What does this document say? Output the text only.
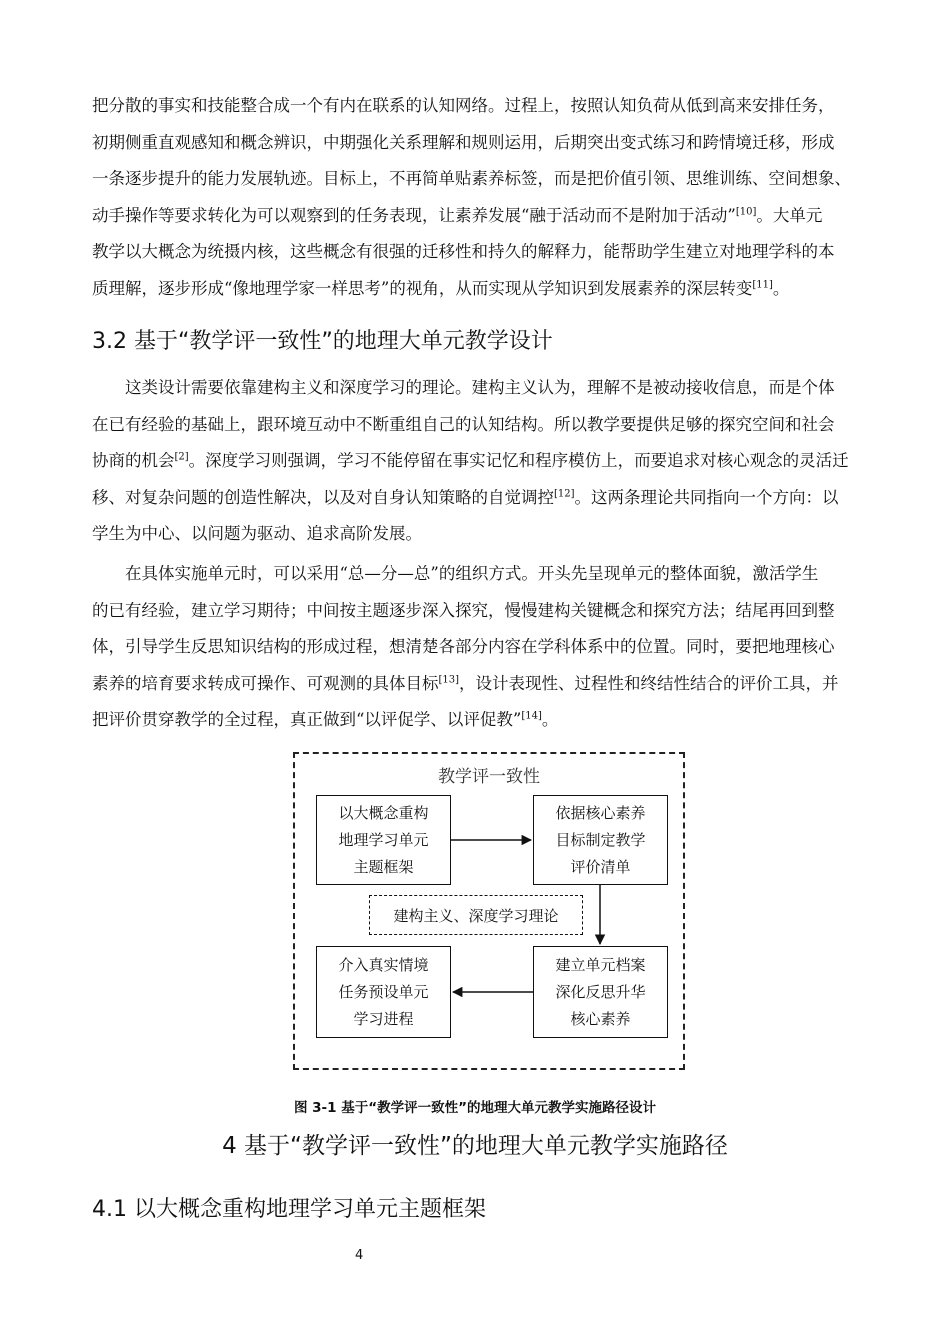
把分散的事实和技能整合成一个有内在联系的认知网络。过程上，按照认知负荷从低到高来安排任务，
初期侧重直观感知和概念辨识，中期强化关系理解和规则运用，后期突出变式练习和跨情境迁移，形成
一条逐步提升的能力发展轨迹。目标上，不再简单贴素养标签，而是把价值引领、思维训练、空间想象、
动手操作等要求转化为可以观察到的任务表现，让素养发展“融于活动而不是附加于活动”[10]。大单元
教学以大概念为统摄内核，这些概念有很强的迁移性和持久的解释力，能帮助学生建立对地理学科的本
质理解，逐步形成“像地理学家一样思考”的视角，从而实现从学知识到发展素养的深层转变[11]。

3.2 基于“教学评一致性”的地理大单元教学设计

这类设计需要依靠建构主义和深度学习的理论。建构主义认为，理解不是被动接收信息，而是个体
在已有经验的基础上，跟环境互动中不断重组自己的认知结构。所以教学要提供足够的探究空间和社会
协商的机会[2]。深度学习则强调，学习不能停留在事实记忆和程序模仿上，而要追求对核心观念的灵活迁
移、对复杂问题的创造性解决，以及对自身认知策略的自觉调控[12]。这两条理论共同指向一个方向：以
学生为中心、以问题为驱动、追求高阶发展。

在具体实施单元时，可以采用“总—分—总”的组织方式。开头先呈现单元的整体面貌，激活学生
的已有经验，建立学习期待；中间按主题逐步深入探究，慢慢建构关键概念和探究方法；结尾再回到整
体，引导学生反思知识结构的形成过程，想清楚各部分内容在学科体系中的位置。同时，要把地理核心
素养的培育要求转成可操作、可观测的具体目标[13]，设计表现性、过程性和终结性结合的评价工具，并
把评价贯穿教学的全过程，真正做到“以评促学、以评促教”[14]。

教学评一致性
以大概念重构
地理学习单元
主题框架
依据核心素养
目标制定教学
评价清单
建构主义、深度学习理论
介入真实情境
任务预设单元
学习进程
建立单元档案
深化反思升华
核心素养
图 3-1 基于“教学评一致性”的地理大单元教学实施路径设计
4 基于“教学评一致性”的地理大单元教学实施路径
4.1 以大概念重构地理学习单元主题框架
4
